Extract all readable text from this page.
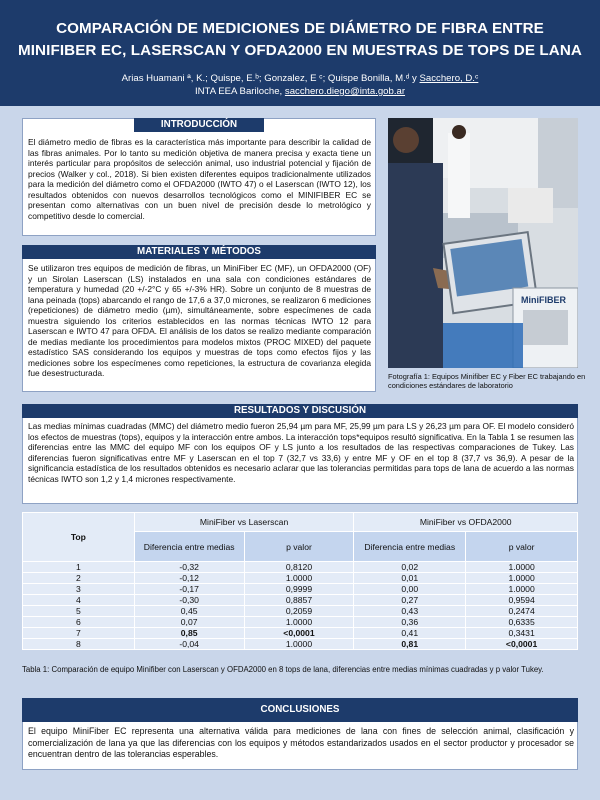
COMPARACIÓN DE MEDICIONES DE DIÁMETRO DE FIBRA ENTRE
MINIFIBER EC, LASERSCAN Y OFDA2000 EN MUESTRAS DE TOPS DE LANA
Arias Huamani ª, K.; Quispe, E.ᵇ; Gonzalez, E ᶜ; Quispe Bonilla, M.ᵈ y Sacchero, D.ᶜ
INTA EEA Bariloche, sacchero.diego@inta.gob.ar
INTRODUCCIÓN
El diámetro medio de fibras es la característica más importante para describir la calidad de las fibras animales. Por lo tanto su medición objetiva de manera precisa y exacta tiene un interés particular para propósitos de selección animal, uso industrial potencial y fijación de precios (Walker y col., 2018). Si bien existen diferentes equipos tradicionalmente utilizados para la medición del diámetro como el OFDA2000 (IWTO 47) o el Laserscan (IWTO 12), los resultados obtenidos con nuevos desarrollos tecnológicos como el MINIFIBER EC se presentan como alternativas con un buen nivel de precisión desde lo metrológico y competitivo desde lo comercial.
MATERIALES Y MÉTODOS
Se utilizaron tres equipos de medición de fibras, un MiniFiber EC (MF), un OFDA2000 (OF) y un Sirolan Laserscan (LS) instalados en una sala con condiciones estándares de temperatura y humedad (20 +/-2°C y 65 +/-3% HR). Sobre un conjunto de 8 muestras de lana peinada (tops) abarcando el rango de 17,6 a 37,0 micrones, se realizaron 6 mediciones (repeticiones) de diámetro medio (µm), simultáneamente, sobre especímenes de cada muestra siguiendo los criterios establecidos en las normas técnicas IWTO 12 para Laserscan e IWTO 47 para OFDA. El análisis de los datos se realizo mediante comparación de medias mediante los procedimientos para modelos mixtos (PROC MIXED) del paquete estadístico SAS considerando los equipos y muestras de tops como efectos fijos y las mediciones sobre los especímenes como repeticiones, la estructura de covarianza elegida fue desestructurada.
MiniFIBER
Fotografía 1: Equipos Minifiber EC y Fiber EC trabajando en condiciones estándares de laboratorio
RESULTADOS Y DISCUSIÓN
Las medias mínimas cuadradas (MMC) del diámetro medio fueron 25,94 µm para MF, 25,99 µm para LS y 26,23 µm para OF. El modelo consideró los efectos de muestras (tops), equipos y la interacción entre ambos. La interacción tops*equipos resultó significativa. En la Tabla 1 se resumen las diferencias entre las MMC del equipo MF con los equipos OF y LS junto a los resultados de las respectivas comparaciones de Tukey. Las diferencias fueron significativas entre MF y Laserscan en el top 7 (32,7 vs 33,6) y entre MF y OF en el top 8 (37,7 vs 36,9). A pesar de la significancia estadística de los resultados obtenidos es necesario aclarar que las tolerancias permitidas para tops de lana de acuerdo a las normas técnicas IWTO son 1,2 y 1,4 micrones respectivamente.
Top	MiniFiber vs Laserscan		MiniFiber vs OFDA2000	
	Diferencia entre medias	p valor	Diferencia entre medias	p valor
1	-0,32	0,8120	0,02	1.0000
2	-0,12	1.0000	0,01	1.0000
3	-0,17	0,9999	0,00	1.0000
4	-0,30	0,8857	0,27	0,9594
5	0,45	0,2059	0,43	0,2474
6	0,07	1.0000	0,36	0,6335
7	0,85	<0,0001	0,41	0,3431
8	-0,04	1.0000	0,81	<0,0001
Tabla 1: Comparación de equipo Minifiber con Laserscan y OFDA2000 en 8 tops de lana, diferencias entre medias mínimas cuadradas y p valor Tukey.
CONCLUSIONES
El equipo MiniFiber EC representa una alternativa válida para mediciones de lana con fines de selección animal, clasificación y comercialización de lana ya que las diferencias con los equipos y métodos estandarizados usados en el sector productor y procesador se encuentran dentro de las tolerancias esperables.
